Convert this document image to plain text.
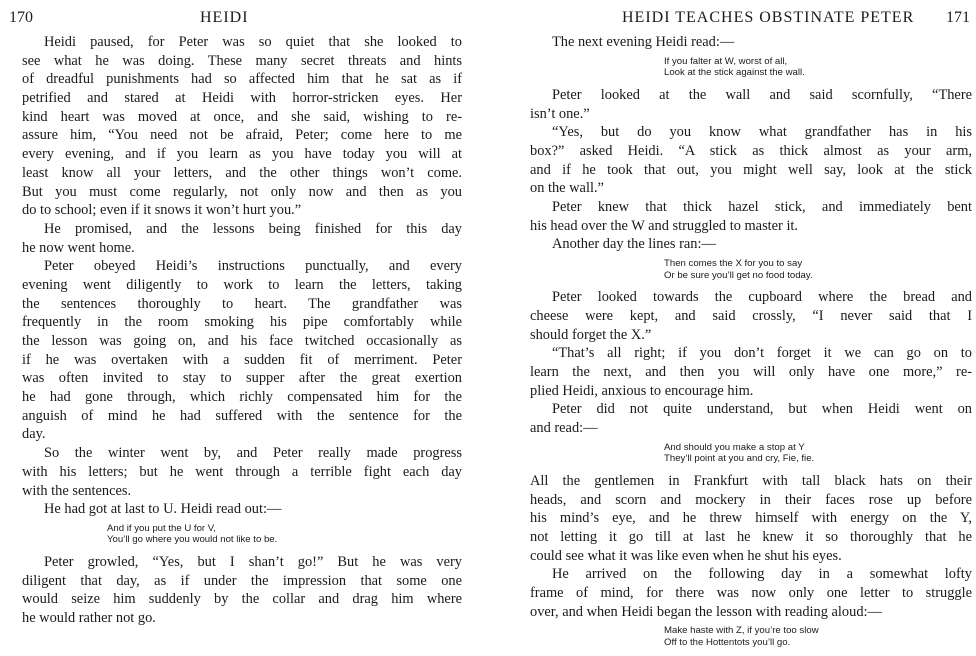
170	HEIDI
Heidi paused, for Peter was so quiet that she looked to
see what he was doing. These many secret threats and hints
of dreadful punishments had so affected him that he sat as if
petrified and stared at Heidi with horror-stricken eyes. Her
kind heart was moved at once, and she said, wishing to re-
assure him, “You need not be afraid, Peter; come here to me
every evening, and if you learn as you have today you will at
least know all your letters, and the other things won’t come.
But you must come regularly, not only now and then as you
do to school; even if it snows it won’t hurt you.”
He promised, and the lessons being finished for this day
he now went home.
Peter obeyed Heidi’s instructions punctually, and every
evening went diligently to work to learn the letters, taking
the sentences thoroughly to heart. The grandfather was
frequently in the room smoking his pipe comfortably while
the lesson was going on, and his face twitched occasionally as
if he was overtaken with a sudden fit of merriment. Peter
was often invited to stay to supper after the great exertion
he had gone through, which richly compensated him for the
anguish of mind he had suffered with the sentence for the
day.
So the winter went by, and Peter really made progress
with his letters; but he went through a terrible fight each day
with the sentences.
He had got at last to U. Heidi read out:—
And if you put the U for V,
You’ll go where you would not like to be.
Peter growled, “Yes, but I shan’t go!” But he was very
diligent that day, as if under the impression that some one
would seize him suddenly by the collar and drag him where
he would rather not go.
HEIDI TEACHES OBSTINATE PETER 171
The next evening Heidi read:—
If you falter at W, worst of all,
Look at the stick against the wall.
Peter looked at the wall and said scornfully, “There
isn’t one.”
“Yes, but do you know what grandfather has in his
box?” asked Heidi. “A stick as thick almost as your arm,
and if he took that out, you might well say, look at the stick
on the wall.”
Peter knew that thick hazel stick, and immediately bent
his head over the W and struggled to master it.
Another day the lines ran:—
Then comes the X for you to say
Or be sure you’ll get no food today.
Peter looked towards the cupboard where the bread and
cheese were kept, and said crossly, “I never said that I
should forget the X.”
“That’s all right; if you don’t forget it we can go on to
learn the next, and then you will only have one more,” re-
plied Heidi, anxious to encourage him.
Peter did not quite understand, but when Heidi went on
and read:—
And should you make a stop at Y
They’ll point at you and cry, Fie, fie.
All the gentlemen in Frankfurt with tall black hats on their
heads, and scorn and mockery in their faces rose up before
his mind’s eye, and he threw himself with energy on the Y,
not letting it go till at last he knew it so thoroughly that he
could see what it was like even when he shut his eyes.
He arrived on the following day in a somewhat lofty
frame of mind, for there was now only one letter to struggle
over, and when Heidi began the lesson with reading aloud:—
Make haste with Z, if you’re too slow
Off to the Hottentots you’ll go.
